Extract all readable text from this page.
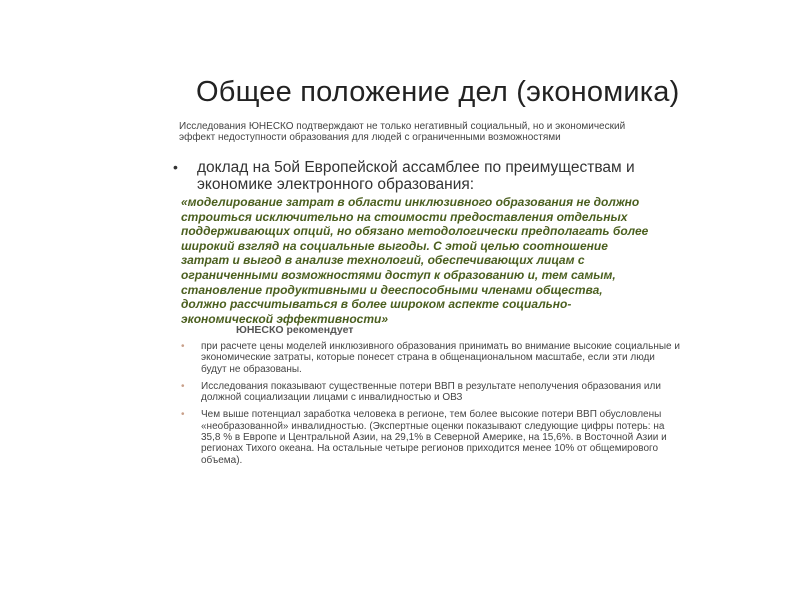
Общее положение дел (экономика)
Исследования ЮНЕСКО подтверждают не только негативный социальный, но и экономический эффект недоступности образования для людей с ограниченными возможностями
•	доклад на 5ой Европейской ассамблее по преимуществам и экономике электронного образования:
«моделирование затрат в области инклюзивного образования не должно строиться исключительно на стоимости предоставления отдельных поддерживающих опций, но обязано методологически предполагать более широкий взгляд на социальные выгоды. С этой целью соотношение затрат и выгод в анализе технологий, обеспечивающих лицам с ограниченными возможностями доступ к образованию и, тем самым, становление продуктивными и дееспособными членами общества, должно рассчитываться в более широком аспекте социально-экономической эффективности»
ЮНЕСКО рекомендует
• при расчете цены моделей инклюзивного образования принимать во внимание высокие социальные и экономические затраты, которые понесет страна в общенациональном масштабе, если эти люди будут не образованы.
• Исследования показывают существенные потери ВВП в результате неполучения образования или должной социализации лицами с инвалидностью и ОВЗ
• Чем выше потенциал заработка человека в регионе, тем более высокие потери ВВП обусловлены «необразованной» инвалидностью. (Экспертные оценки показывают следующие цифры потерь: на 35,8 % в Европе и Центральной Азии, на 29,1% в Северной Америке, на 15,6%. в Восточной Азии и регионах Тихого океана. На остальные четыре регионов приходится менее 10% от общемирового объема).
